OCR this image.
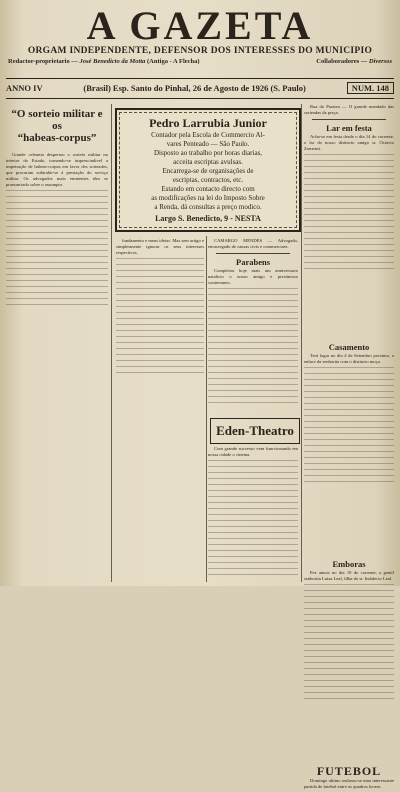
A GAZETA
ORGAM INDEPENDENTE, DEFENSOR DOS INTERESSES DO MUNICIPIO
Redactor-proprietario — José Benedicto da Motta (Antiga - A Flecha)	Collaboradores — Diversos
ANNO IV	(Brasil) Esp. Santo do Pinhal, 26 de Agosto de 1926 (S. Paulo)	NUM. 148
“O sorteio militar e os
“habeas-corpus”

Grande celeuma despertou o sorteio militar no interior do Estado, tornando-se imprescindivel a impetração de habeas-corpus em favor dos sorteados, que procuram subtrahir-se á prestação do serviço militar. Os advogados mais eminentes têm se pronunciado sobre o assumpto.

Pedro Larrubia Junior
Contador pela Escola de Commercio Al-
vares Penteado — São Paulo.
Disposto ao trabalho por horas diarias,
acceita escriptas avulsas.
Encarrega-se de organisações de
escriptas, contractos, etc.
Estando em contacto directo com
as modificações na lei do Imposto Sobre
a Renda, dá consultas a preço modico.
Largo S. Benedicto, 9 - NESTA

fundamento e meus ideias. Mas sem artigo e simplesmente ignorar os seus interesses respectivos.

CAMARGO MENDES — Advogado, encarregado de causas civis e commerciaes.

Parabens

Completou hoje mais um anniversario natalicio o nosso amigo e prestimoso conterraneo.

Eden-Theatro

Com grande successo vem funccionando em nossa cidade o cinema.

Rua do Paraizo — O grande mandado das sorteadas da praça.

Lar em festa

Acha-se em festa desde o dia 14 do corrente, o lar do nosso distincto amigo sr. Octavio Zomensi.

Casamento

Terá logar no dia 4 de Setembro proximo, o enlace da senhorita com o distincto moço.

Emboras

Fez annos no dia 19 do corrente, a gentil senhorita Luiza Leal, filha do sr. Indalecio Leal.

FUTEBOL

Domingo ultimo realizou-se uma interessante partida de futebol entre os quadros locaes.
